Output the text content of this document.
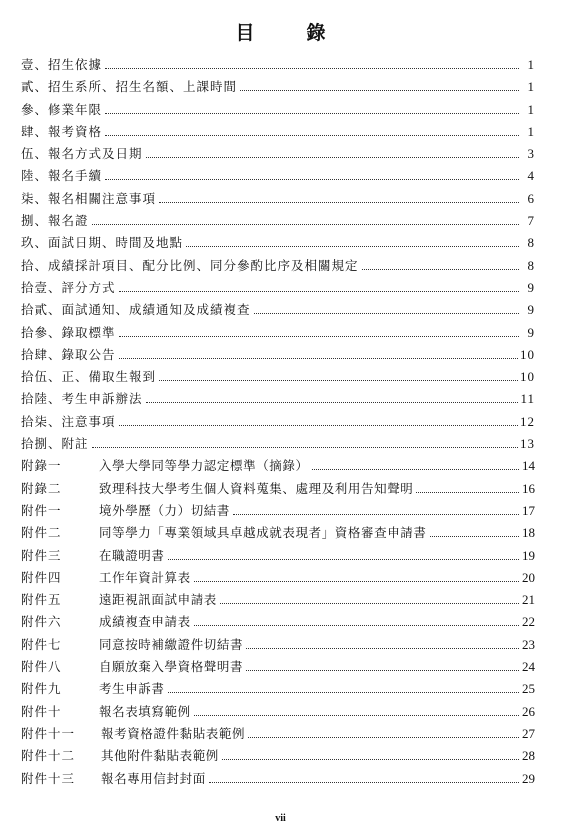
目錄
壹、招生依據	1
貳、招生系所、招生名額、上課時間	1
參、修業年限	1
肆、報考資格	1
伍、報名方式及日期	3
陸、報名手續	4
柒、報名相關注意事項	6
捌、報名證	7
玖、面試日期、時間及地點	8
拾、成績採計項目、配分比例、同分參酌比序及相關規定	8
拾壹、評分方式	9
拾貳、面試通知、成績通知及成績複查	9
拾參、錄取標準	9
拾肆、錄取公告	10
拾伍、正、備取生報到	10
拾陸、考生申訴辦法	11
拾柒、注意事項	12
拾捌、附註	13
附錄一	入學大學同等學力認定標準（摘錄）	14
附錄二	致理科技大學考生個人資料蒐集、處理及利用告知聲明	16
附件一	境外學歷（力）切結書	17
附件二	同等學力「專業領域具卓越成就表現者」資格審查申請書	18
附件三	在職證明書	19
附件四	工作年資計算表	20
附件五	遠距視訊面試申請表	21
附件六	成績複查申請表	22
附件七	同意按時補繳證件切結書	23
附件八	自願放棄入學資格聲明書	24
附件九	考生申訴書	25
附件十	報名表填寫範例	26
附件十一 報考資格證件黏貼表範例	27
附件十二 其他附件黏貼表範例	28
附件十三 報名專用信封封面	29
vii
